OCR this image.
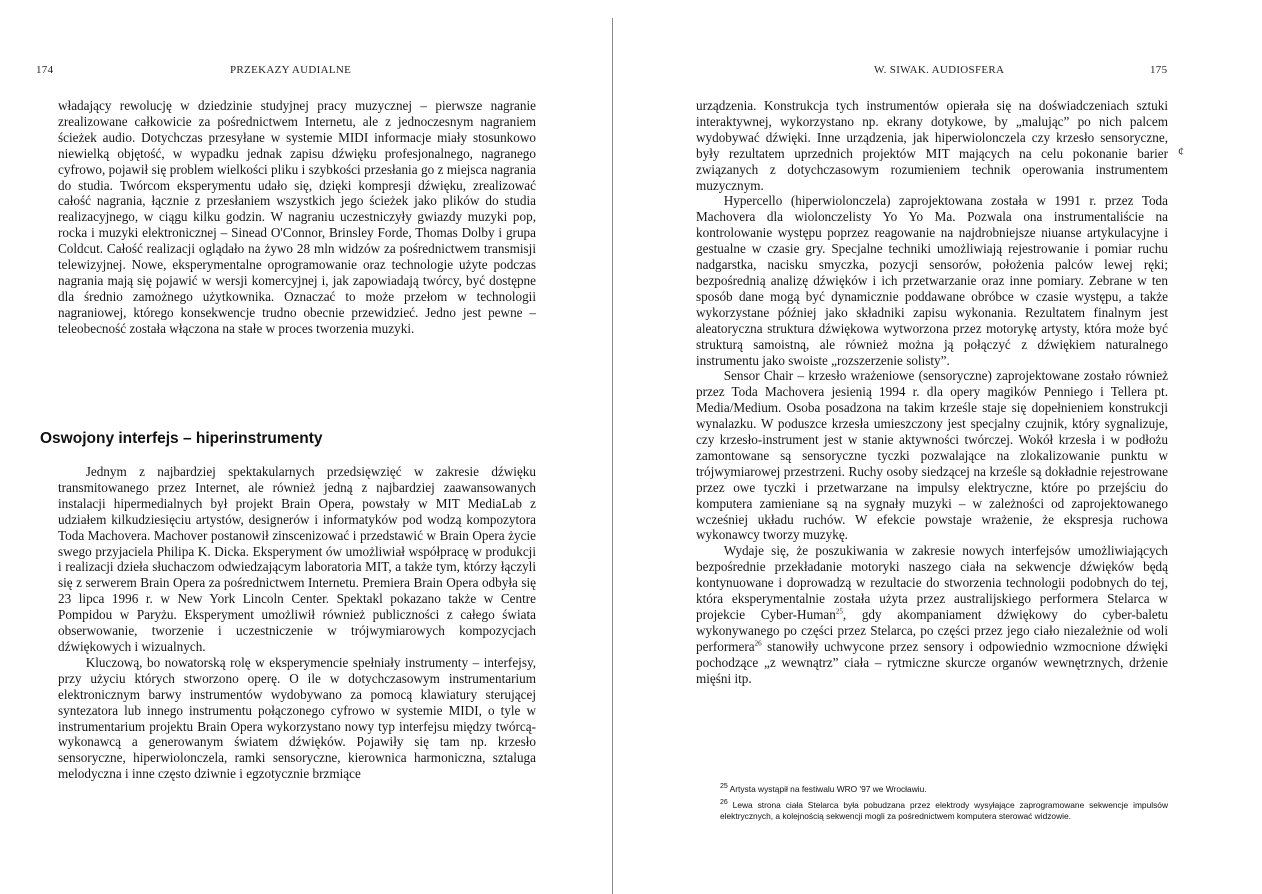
174	PRZEKAZY AUDIALNE

władający rewolucję w dziedzinie studyjnej pracy muzycznej – pierwsze nagranie zrealizowane całkowicie za pośrednictwem Internetu, ale z jednoczesnym nagraniem ścieżek audio. Dotychczas przesyłane w systemie MIDI informacje miały stosunkowo niewielką objętość, w wypadku jednak zapisu dźwięku profesjonalnego, nagranego cyfrowo, pojawił się problem wielkości pliku i szybkości przesłania go z miejsca nagrania do studia. Twórcom eksperymentu udało się, dzięki kompresji dźwięku, zrealizować całość nagrania, łącznie z przesłaniem wszystkich jego ścieżek jako plików do studia realizacyjnego, w ciągu kilku godzin. W nagraniu uczestniczyły gwiazdy muzyki pop, rocka i muzyki elektronicznej – Sinead O'Connor, Brinsley Forde, Thomas Dolby i grupa Coldcut. Całość realizacji oglądało na żywo 28 mln widzów za pośrednictwem transmisji telewizyjnej. Nowe, eksperymentalne oprogramowanie oraz technologie użyte podczas nagrania mają się pojawić w wersji komercyjnej i, jak zapowiadają twórcy, być dostępne dla średnio zamożnego użytkownika. Oznaczać to może przełom w technologii nagraniowej, którego konsekwencje trudno obecnie przewidzieć. Jedno jest pewne – teleobecność została włączona na stałe w proces tworzenia muzyki.

Oswojony interfejs – hiperinstrumenty

Jednym z najbardziej spektakularnych przedsięwzięć w zakresie dźwięku transmitowanego przez Internet, ale również jedną z najbardziej zaawansowanych instalacji hipermedialnych był projekt Brain Opera, powstały w MIT MediaLab z udziałem kilkudziesięciu artystów, designerów i informatyków pod wodzą kompozytora Toda Machovera. Machover postanowił zinscenizować i przedstawić w Brain Opera życie swego przyjaciela Philipa K. Dicka. Eksperyment ów umożliwiał współpracę w produkcji i realizacji dzieła słuchaczom odwiedzającym laboratoria MIT, a także tym, którzy łączyli się z serwerem Brain Opera za pośrednictwem Internetu. Premiera Brain Opera odbyła się 23 lipca 1996 r. w New York Lincoln Center. Spektakl pokazano także w Centre Pompidou w Paryżu. Eksperyment umożliwił również publiczności z całego świata obserwowanie, tworzenie i uczestniczenie w trójwymiarowych kompozycjach dźwiękowych i wizualnych.

Kluczową, bo nowatorską rolę w eksperymencie spełniały instrumenty – interfejsy, przy użyciu których stworzono operę. O ile w dotychczasowym instrumentarium elektronicznym barwy instrumentów wydobywano za pomocą klawiatury sterującej syntezatora lub innego instrumentu połączonego cyfrowo w systemie MIDI, o tyle w instrumentarium projektu Brain Opera wykorzystano nowy typ interfejsu między twórcą-wykonawcą a generowanym światem dźwięków. Pojawiły się tam np. krzesło sensoryczne, hiperwiolonczela, ramki sensoryczne, kierownica harmoniczna, sztaluga melodyczna i inne często dziwnie i egzotycznie brzmiące

W. SIWAK. AUDIOSFERA	175
¢

urządzenia. Konstrukcja tych instrumentów opierała się na doświadczeniach sztuki interaktywnej, wykorzystano np. ekrany dotykowe, by „malując” po nich palcem wydobywać dźwięki. Inne urządzenia, jak hiperwiolonczela czy krzesło sensoryczne, były rezultatem uprzednich projektów MIT mających na celu pokonanie barier związanych z dotychczasowym rozumieniem technik operowania instrumentem muzycznym.

Hypercello (hiperwiolonczela) zaprojektowana została w 1991 r. przez Toda Machovera dla wiolonczelisty Yo Yo Ma. Pozwala ona instrumentaliście na kontrolowanie występu poprzez reagowanie na najdrobniejsze niuanse artykulacyjne i gestualne w czasie gry. Specjalne techniki umożliwiają rejestrowanie i pomiar ruchu nadgarstka, nacisku smyczka, pozycji sensorów, położenia palców lewej ręki; bezpośrednią analizę dźwięków i ich przetwarzanie oraz inne pomiary. Zebrane w ten sposób dane mogą być dynamicznie poddawane obróbce w czasie występu, a także wykorzystane później jako składniki zapisu wykonania. Rezultatem finalnym jest aleatoryczna struktura dźwiękowa wytworzona przez motorykę artysty, która może być strukturą samoistną, ale również można ją połączyć z dźwiękiem naturalnego instrumentu jako swoiste „rozszerzenie solisty”.

Sensor Chair – krzesło wrażeniowe (sensoryczne) zaprojektowane zostało również przez Toda Machovera jesienią 1994 r. dla opery magików Penniego i Tellera pt. Media/Medium. Osoba posadzona na takim krześle staje się dopełnieniem konstrukcji wynalazku. W poduszce krzesła umieszczony jest specjalny czujnik, który sygnalizuje, czy krzesło-instrument jest w stanie aktywności twórczej. Wokół krzesła i w podłożu zamontowane są sensoryczne tyczki pozwalające na zlokalizowanie punktu w trójwymiarowej przestrzeni. Ruchy osoby siedzącej na krześle są dokładnie rejestrowane przez owe tyczki i przetwarzane na impulsy elektryczne, które po przejściu do komputera zamieniane są na sygnały muzyki – w zależności od zaprojektowanego wcześniej układu ruchów. W efekcie powstaje wrażenie, że ekspresja ruchowa wykonawcy tworzy muzykę.

Wydaje się, że poszukiwania w zakresie nowych interfejsów umożliwiających bezpośrednie przekładanie motoryki naszego ciała na sekwencje dźwięków będą kontynuowane i doprowadzą w rezultacie do stworzenia technologii podobnych do tej, która eksperymentalnie została użyta przez australijskiego performera Stelarca w projekcie Cyber-Human$^{25}$, gdy akompaniament dźwiękowy do cyber-baletu wykonywanego po części przez Stelarca, po części przez jego ciało niezależnie od woli performera$^{26}$ stanowiły uchwycone przez sensory i odpowiednio wzmocnione dźwięki pochodzące „z wewnątrz” ciała – rytmiczne skurcze organów wewnętrznych, drżenie mięśni itp.

$^{25}$ Artysta wystąpił na festiwalu WRO '97 we Wrocławiu.

$^{26}$ Lewa strona ciała Stelarca była pobudzana przez elektrody wysyłające zaprogramowane sekwencje impulsów elektrycznych, a kolejnością sekwencji mogli za pośrednictwem komputera sterować widzowie.
